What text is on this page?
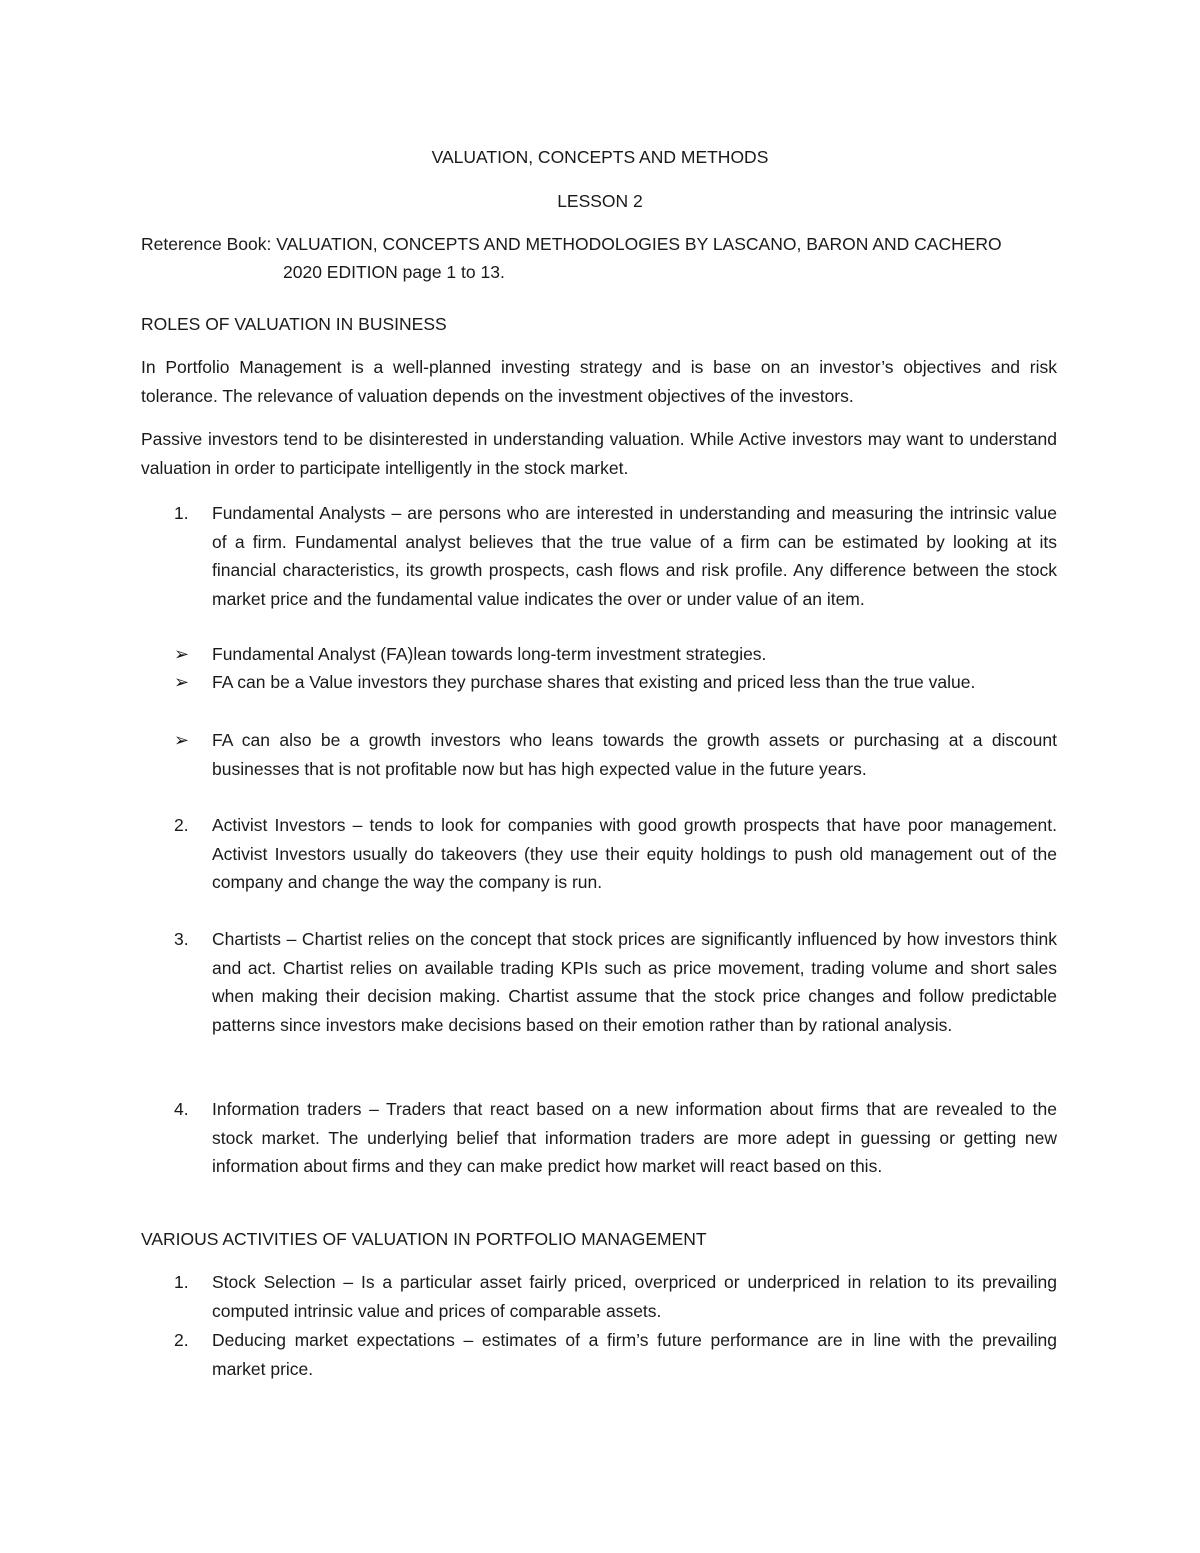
VALUATION, CONCEPTS AND METHODS

LESSON 2

Reterence Book: VALUATION, CONCEPTS AND METHODOLOGIES BY LASCANO, BARON AND CACHERO

2020 EDITION page 1 to 13.

ROLES OF VALUATION IN BUSINESS

In Portfolio Management is a well-planned investing strategy and is base on an investor’s objectives and risk tolerance. The relevance of valuation depends on the investment objectives of the investors.

Passive investors tend to be disinterested in understanding valuation. While Active investors may want to understand valuation in order to participate intelligently in the stock market.

1. Fundamental Analysts – are persons who are interested in understanding and measuring the intrinsic value of a firm. Fundamental analyst believes that the true value of a firm can be estimated by looking at its financial characteristics, its growth prospects, cash flows and risk profile. Any difference between the stock market price and the fundamental value indicates the over or under value of an item.
➢ Fundamental Analyst (FA)lean towards long-term investment strategies.
➢ FA can be a Value investors they purchase shares that existing and priced less than the true value.
➢ FA can also be a growth investors who leans towards the growth assets or purchasing at a discount businesses that is not profitable now but has high expected value in the future years.
2. Activist Investors – tends to look for companies with good growth prospects that have poor management. Activist Investors usually do takeovers (they use their equity holdings to push old management out of the company and change the way the company is run.
3. Chartists – Chartist relies on the concept that stock prices are significantly influenced by how investors think and act. Chartist relies on available trading KPIs such as price movement, trading volume and short sales when making their decision making. Chartist assume that the stock price changes and follow predictable patterns since investors make decisions based on their emotion rather than by rational analysis.
4. Information traders – Traders that react based on a new information about firms that are revealed to the stock market. The underlying belief that information traders are more adept in guessing or getting new information about firms and they can make predict how market will react based on this.

VARIOUS ACTIVITIES OF VALUATION IN PORTFOLIO MANAGEMENT

1. Stock Selection – Is a particular asset fairly priced, overpriced or underpriced in relation to its prevailing computed intrinsic value and prices of comparable assets.
2. Deducing market expectations – estimates of a firm’s future performance are in line with the prevailing market price.
